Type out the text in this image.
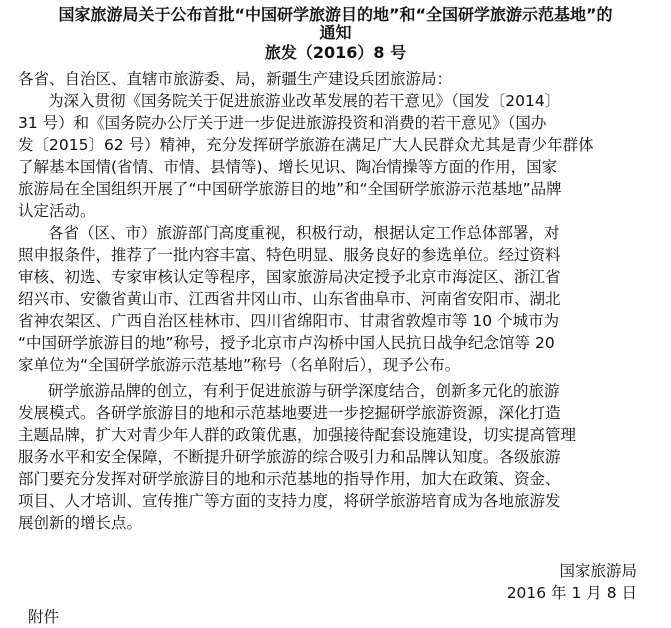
国家旅游局关于公布首批“中国研学旅游目的地”和“全国研学旅游示范基地”的
通知
旅发（2016）8 号
各省、自治区、直辖市旅游委、局，新疆生产建设兵团旅游局：
为深入贯彻《国务院关于促进旅游业改革发展的若干意见》（国发〔2014〕
31 号）和《国务院办公厅关于进一步促进旅游投资和消费的若干意见》（国办
发〔2015〕62 号）精神，充分发挥研学旅游在满足广大人民群众尤其是青少年群体
了解基本国情(省情、市情、县情等)、增长见识、陶冶情操等方面的作用，国家
旅游局在全国组织开展了“中国研学旅游目的地”和“全国研学旅游示范基地”品牌
认定活动。
各省（区、市）旅游部门高度重视，积极行动，根据认定工作总体部署，对
照申报条件，推荐了一批内容丰富、特色明显、服务良好的参选单位。经过资料
审核、初选、专家审核认定等程序，国家旅游局决定授予北京市海淀区、浙江省
绍兴市、安徽省黄山市、江西省井冈山市、山东省曲阜市、河南省安阳市、湖北
省神农架区、广西自治区桂林市、四川省绵阳市、甘肃省敦煌市等 10 个城市为
“中国研学旅游目的地”称号，授予北京市卢沟桥中国人民抗日战争纪念馆等 20
家单位为“全国研学旅游示范基地”称号（名单附后），现予公布。
研学旅游品牌的创立，有利于促进旅游与研学深度结合，创新多元化的旅游
发展模式。各研学旅游目的地和示范基地要进一步挖掘研学旅游资源，深化打造
主题品牌，扩大对青少年人群的政策优惠，加强接待配套设施建设，切实提高管理
服务水平和安全保障，不断提升研学旅游的综合吸引力和品牌认知度。各级旅游
部门要充分发挥对研学旅游目的地和示范基地的指导作用，加大在政策、资金、
项目、人才培训、宣传推广等方面的支持力度，将研学旅游培育成为各地旅游发
展创新的增长点。
国家旅游局
2016 年 1 月 8 日
附件
